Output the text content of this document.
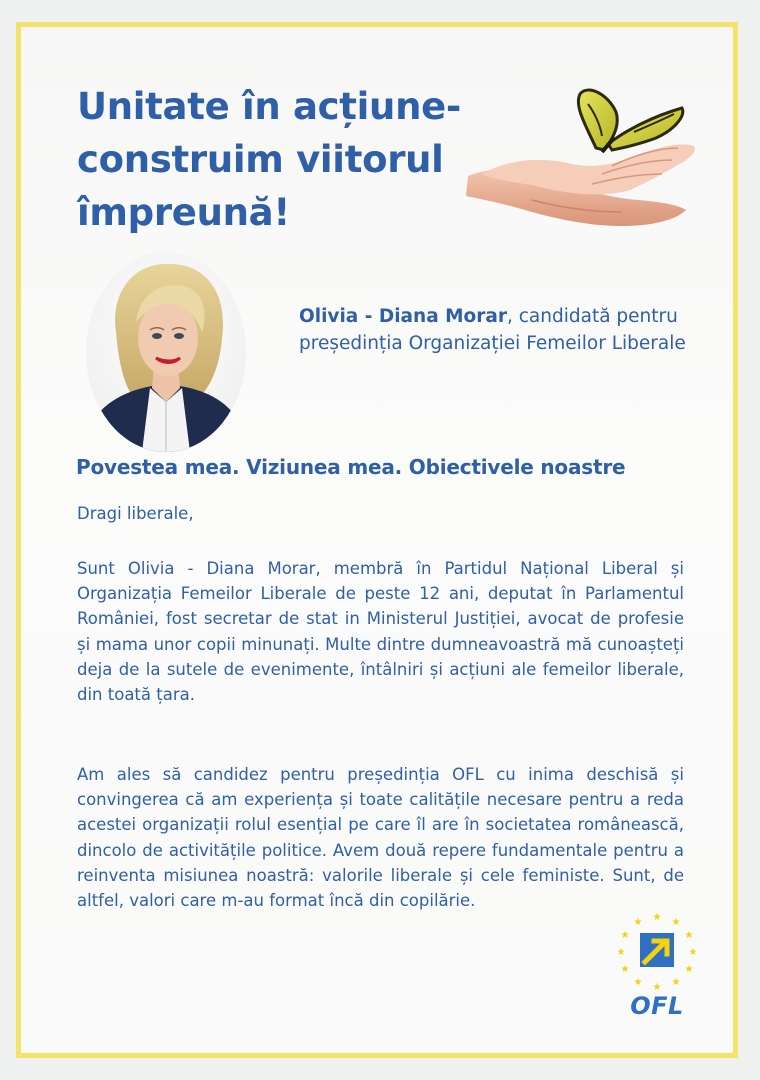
Unitate în acțiune-
construim viitorul
împreună!

Olivia - Diana Morar, candidată pentru președinția Organizației Femeilor Liberale

Povestea mea. Viziunea mea. Obiectivele noastre

Dragi liberale,

Sunt Olivia - Diana Morar, membră în Partidul Național Liberal și Organizația Femeilor Liberale de peste 12 ani, deputat în Parlamentul României, fost secretar de stat in Ministerul Justiției, avocat de profesie și mama unor copii minunați. Multe dintre dumneavoastră mă cunoașteți deja de la sutele de evenimente, întâlniri și acțiuni ale femeilor liberale, din toată țara.

Am ales să candidez pentru președinția OFL cu inima deschisă și convingerea că am experiența și toate calitățile necesare pentru a reda acestei organizații rolul esențial pe care îl are în societatea românească, dincolo de activitățile politice. Avem două repere fundamentale pentru a reinventa misiunea noastră: valorile liberale și cele feministe. Sunt, de altfel, valori care m-au format încă din copilărie.

★ ★
★
★
★
★
★
★
★
★
★
★
OFL
